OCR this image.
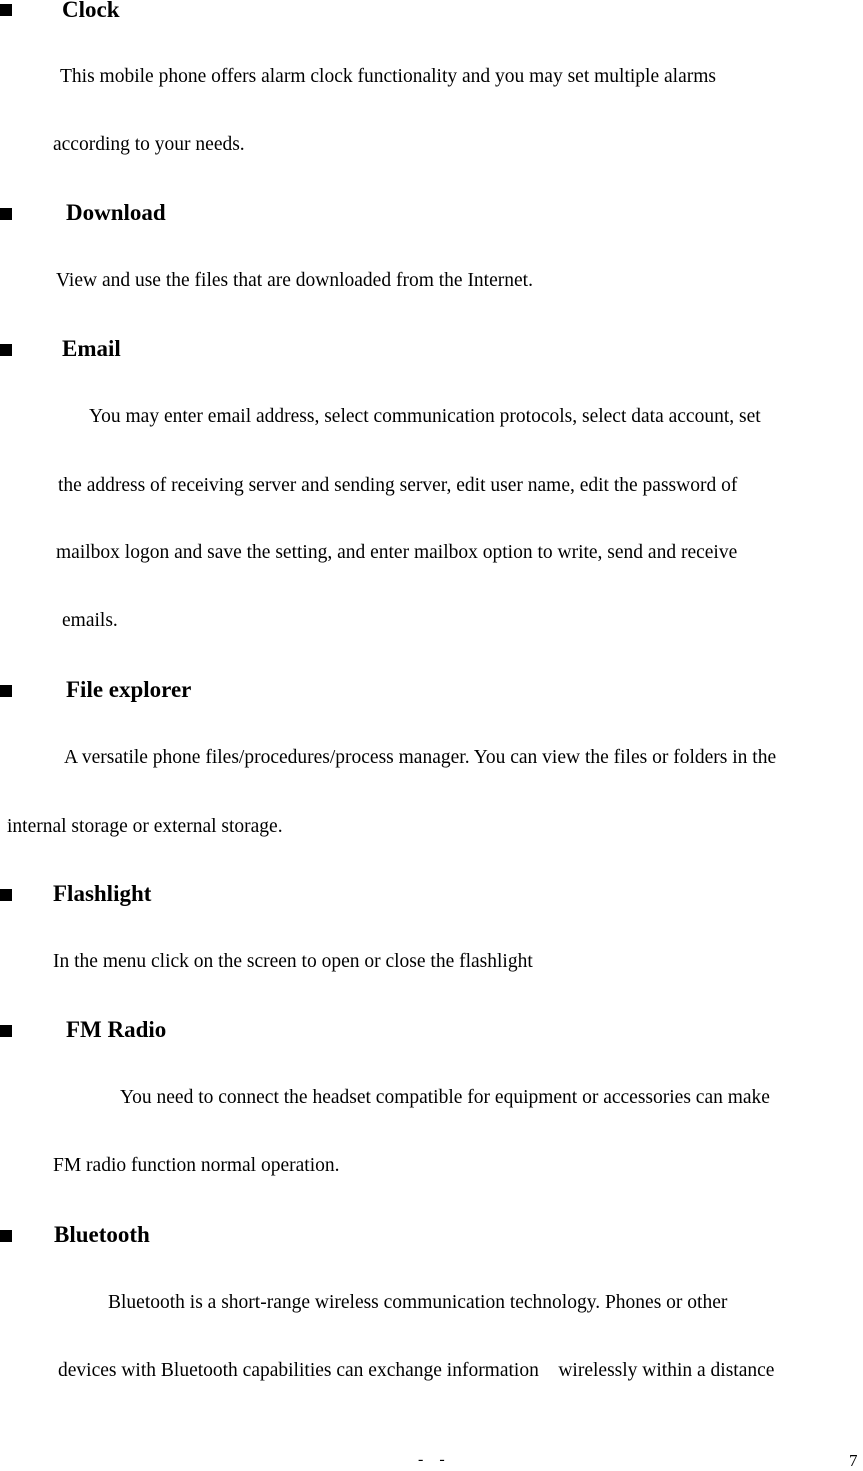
Clock
This mobile phone offers alarm clock functionality and you may set multiple alarms
according to your needs.
Download
View and use the files that are downloaded from the Internet.
Email
You may enter email address, select communication protocols, select data account, set
the address of receiving server and sending server, edit user name, edit the password of
mailbox logon and save the setting, and enter mailbox option to write, send and receive
emails.
File explorer
A versatile phone files/procedures/process manager. You can view the files or folders in the
internal storage or external storage.
Flashlight
In the menu click on the screen to open or close the flashlight
FM Radio
You need to connect the headset compatible for equipment or accessories can make
FM radio function normal operation.
Bluetooth
Bluetooth is a short-range wireless communication technology. Phones or other
devices with Bluetooth capabilities can exchange information    wirelessly within a distance
-    -	7
